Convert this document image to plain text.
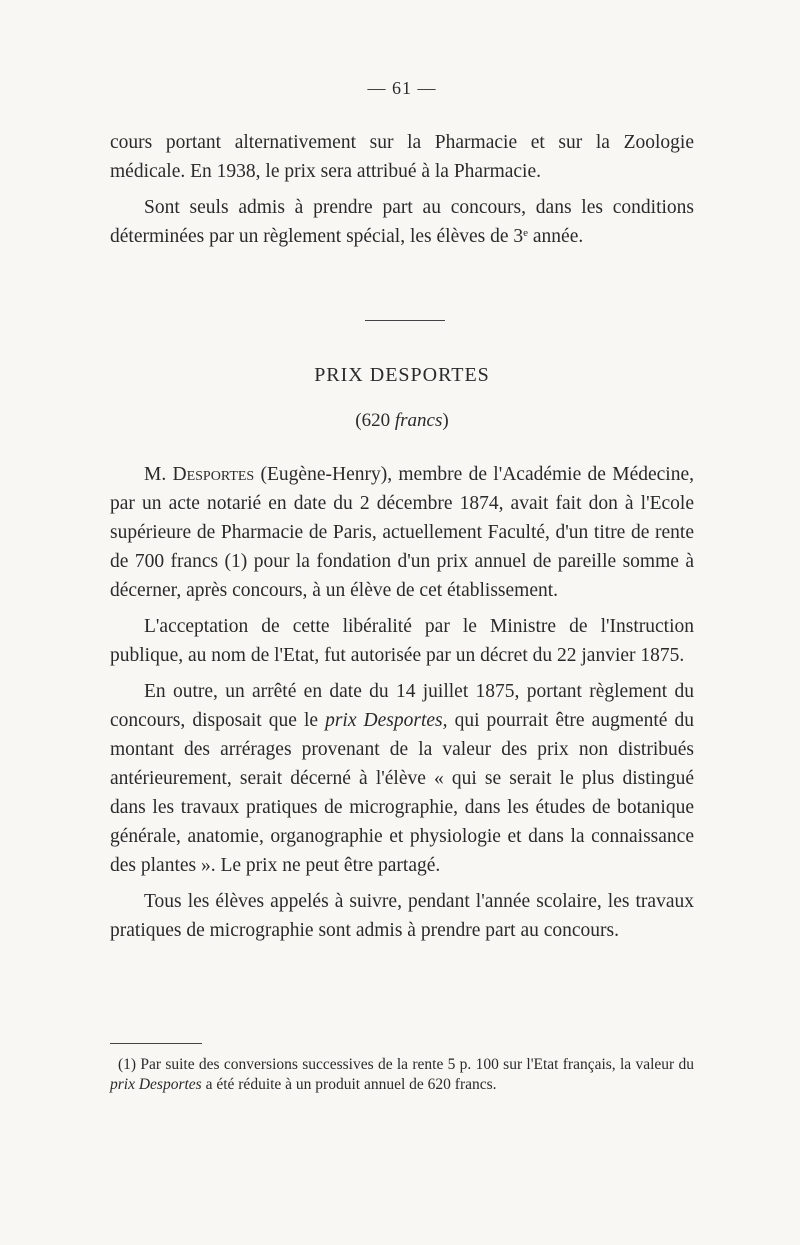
— 61 —

cours portant alternativement sur la Pharmacie et sur la Zoologie médicale. En 1938, le prix sera attribué à la Pharmacie.

Sont seuls admis à prendre part au concours, dans les conditions déterminées par un règlement spécial, les élèves de 3e année.

PRIX DESPORTES
(620 francs)

M. Desportes (Eugène-Henry), membre de l'Académie de Médecine, par un acte notarié en date du 2 décembre 1874, avait fait don à l'Ecole supérieure de Pharmacie de Paris, actuellement Faculté, d'un titre de rente de 700 francs (1) pour la fondation d'un prix annuel de pareille somme à décerner, après concours, à un élève de cet établissement.

L'acceptation de cette libéralité par le Ministre de l'Instruction publique, au nom de l'Etat, fut autorisée par un décret du 22 janvier 1875.

En outre, un arrêté en date du 14 juillet 1875, portant règlement du concours, disposait que le prix Desportes, qui pourrait être augmenté du montant des arrérages provenant de la valeur des prix non distribués antérieurement, serait décerné à l'élève « qui se serait le plus distingué dans les travaux pratiques de micrographie, dans les études de botanique générale, anatomie, organographie et physiologie et dans la connaissance des plantes ». Le prix ne peut être partagé.

Tous les élèves appelés à suivre, pendant l'année scolaire, les travaux pratiques de micrographie sont admis à prendre part au concours.

(1) Par suite des conversions successives de la rente 5 p. 100 sur l'Etat français, la valeur du prix Desportes a été réduite à un produit annuel de 620 francs.
